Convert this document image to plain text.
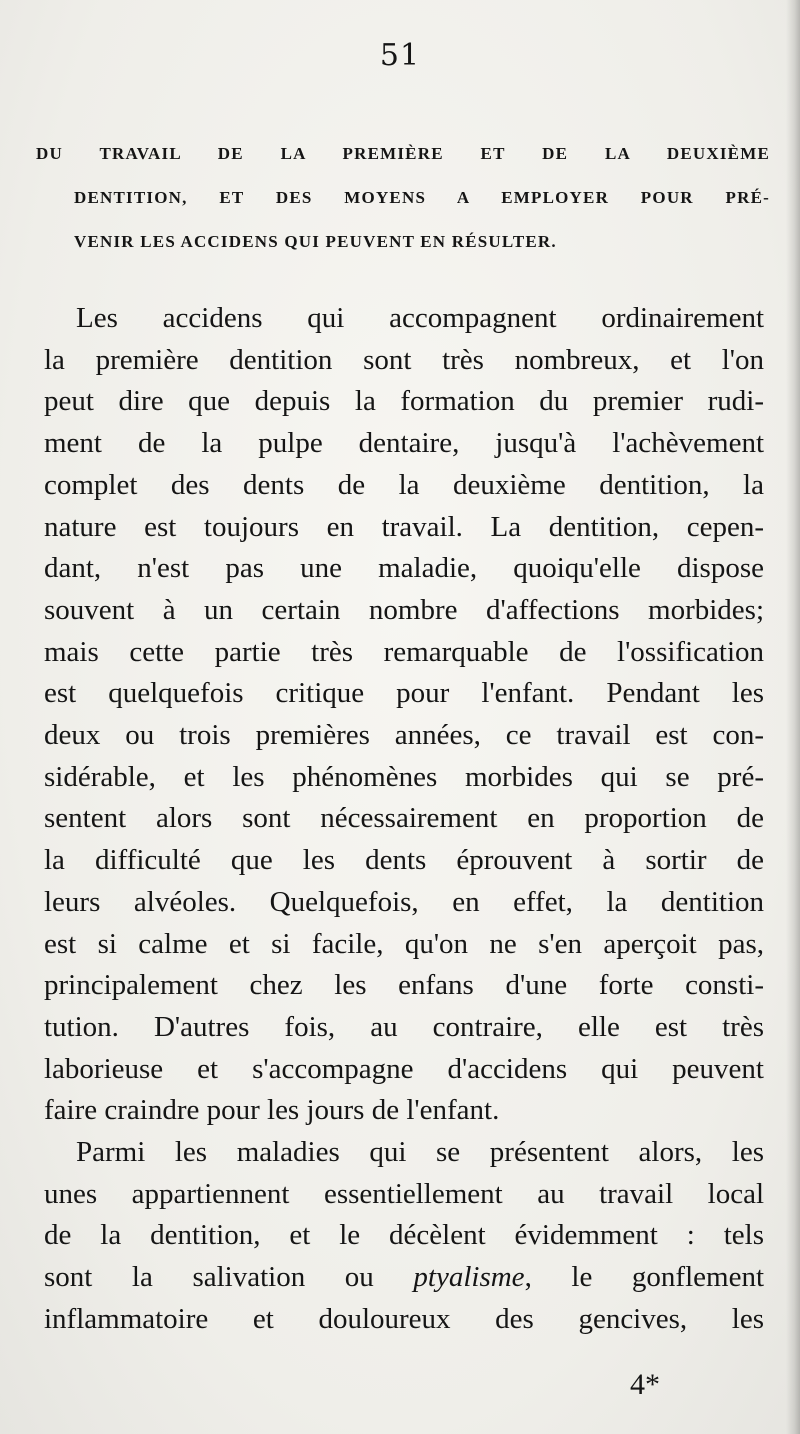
51
DU TRAVAIL DE LA PREMIÈRE ET DE LA DEUXIÈME
DENTITION, ET DES MOYENS A EMPLOYER POUR PRÉ-
VENIR LES ACCIDENS QUI PEUVENT EN RÉSULTER.
Les accidens qui accompagnent ordinairement
la première dentition sont très nombreux, et l'on
peut dire que depuis la formation du premier rudi-
ment de la pulpe dentaire, jusqu'à l'achèvement
complet des dents de la deuxième dentition, la
nature est toujours en travail. La dentition, cepen-
dant, n'est pas une maladie, quoiqu'elle dispose
souvent à un certain nombre d'affections morbides;
mais cette partie très remarquable de l'ossification
est quelquefois critique pour l'enfant. Pendant les
deux ou trois premières années, ce travail est con-
sidérable, et les phénomènes morbides qui se pré-
sentent alors sont nécessairement en proportion de
la difficulté que les dents éprouvent à sortir de
leurs alvéoles. Quelquefois, en effet, la dentition
est si calme et si facile, qu'on ne s'en aperçoit pas,
principalement chez les enfans d'une forte consti-
tution. D'autres fois, au contraire, elle est très
laborieuse et s'accompagne d'accidens qui peuvent
faire craindre pour les jours de l'enfant.
Parmi les maladies qui se présentent alors, les
unes appartiennent essentiellement au travail local
de la dentition, et le décèlent évidemment : tels
sont la salivation ou ptyalisme, le gonflement
inflammatoire et douloureux des gencives, les
4*
